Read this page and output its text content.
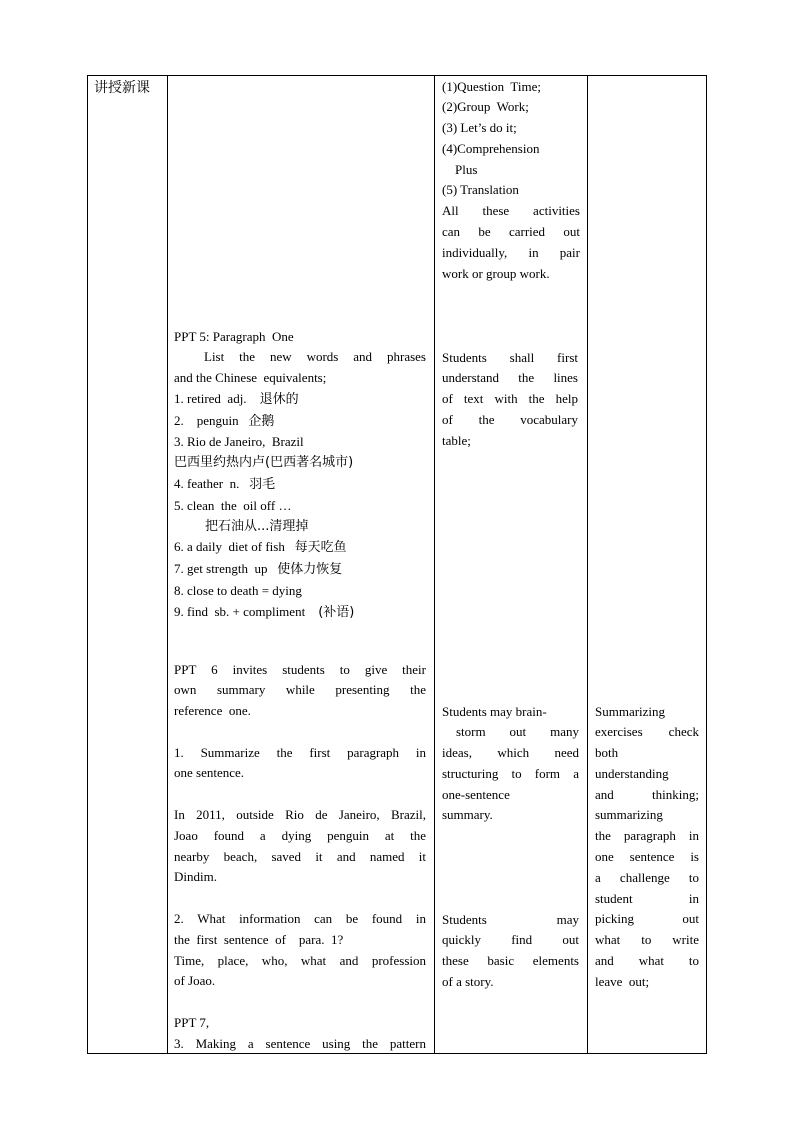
讲授新课	(1)Question  Time;
(2)Group  Work;
(3) Let’s do it;
(4)Comprehension
Plus
(5) Translation
All these activities
can be carried out
individually, in pair
work or group work.
PPT 5: Paragraph  One
List the new words and phrases
and the Chinese  equivalents;
1. retired  adj. 退休的
2.    penguin 企鹅
3. Rio de Janeiro,  Brazil
巴西里约热内卢(巴西著名城市)
4. feather  n. 羽毛
5. clean  the  oil off …
把石油从...清理掉
6. a daily  diet of fish 每天吃鱼
7. get strength  up 使体力恢复
8. close to death = dying
9. find  sb. + compliment (补语)
Students shall first
understand the lines
of text with the help
of the vocabulary
table;
PPT 6 invites students to give their
own summary while presenting the
reference  one.

1. Summarize the first paragraph in
one sentence.

In 2011, outside Rio de Janeiro, Brazil,
Joao found a dying penguin at the
nearby beach, saved it and named it
Dindim.

2. What information can be found in
the  first  sentence  of    para.  1?
Time, place, who, what and profession
of Joao.

PPT 7,
3. Making a sentence using the pattern
Students may brain-
storm out many
ideas, which need
structuring to form a
one-sentence
summary.
Students may
quickly find out
these basic elements
of a story.
Summarizing
exercises check
both
understanding
and thinking;
summarizing
the paragraph in
one sentence is
a challenge to
student in
picking out
what to write
and what to
leave  out;
